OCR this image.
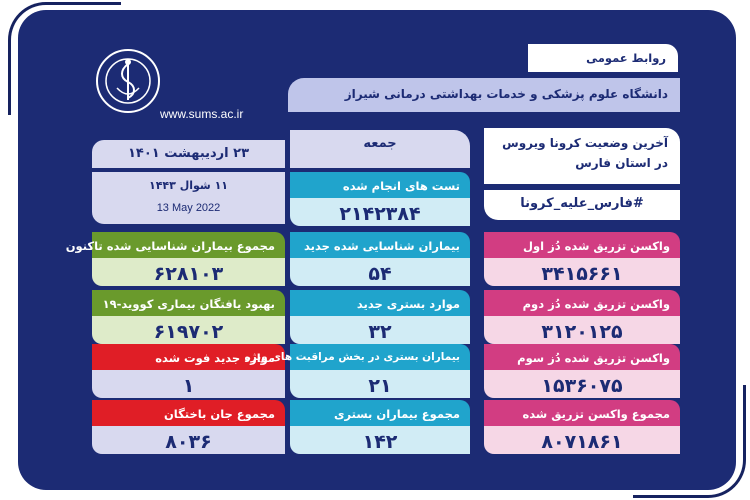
روابط عمومی
دانشگاه علوم پزشکی و خدمات بهداشتی درمانی شیراز
www.sums.ac.ir
آخرین وضعیت کرونا ویروس
در استان فارس
#فارس_علیه_کرونا
۲۳ اردیبهشت ۱۴۰۱
جمعه
۱۱ شوال ۱۴۴۳
13 May 2022
تست های انجام شده
۲۱۴۲۳۸۴
مجموع بیماران شناسایی شده تاکنون
۶۲۸۱۰۳
بهبود یافتگان بیماری کووید-۱۹
۶۱۹۷۰۲
موارد جدید فوت شده
۱
مجموع جان باختگان
۸۰۳۶
بیماران شناسایی شده جدید
۵۴
موارد بستری جدید
۳۲
بیماران بستری در بخش مراقبت های ویژه
۲۱
مجموع بیماران بستری
۱۴۲
واکسن تزریق شده دُز اول
۳۴۱۵۶۶۱
واکسن تزریق شده دُز دوم
۳۱۲۰۱۲۵
واکسن تزریق شده دُز سوم
۱۵۳۶۰۷۵
مجموع واکسن تزریق شده
۸۰۷۱۸۶۱
